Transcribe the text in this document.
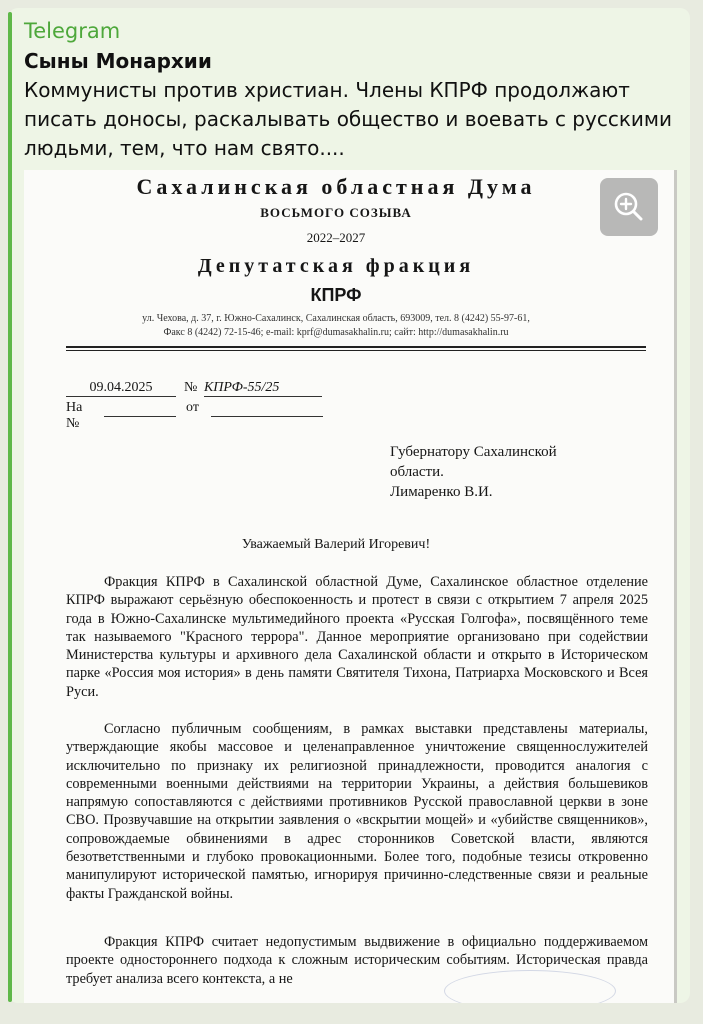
Telegram
Сыны Монархии
Коммунисты против христиан. Члены КПРФ продолжают писать доносы, раскалывать общество и воевать с русскими людьми, тем, что нам свято....
Сахалинская областная Дума
ВОСЬМОГО СОЗЫВА
2022–2027
Депутатская фракция
КПРФ
ул. Чехова, д. 37, г. Южно-Сахалинск, Сахалинская область, 693009, тел. 8 (4242) 55-97-61,
Факс 8 (4242) 72-15-46; e-mail: kprf@dumasakhalin.ru; сайт: http://dumasakhalin.ru
09.04.2025	№ КПРФ-55/25
На №
от
Губернатору Сахалинской
области.
Лимаренко В.И.
Уважаемый Валерий Игоревич!

Фракция КПРФ в Сахалинской областной Думе, Сахалинское областное отделение КПРФ выражают серьёзную обеспокоенность и протест в связи с открытием 7 апреля 2025 года в Южно-Сахалинске мультимедийного проекта «Русская Голгофа», посвящённого теме так называемого "Красного террора". Данное мероприятие организовано при содействии Министерства культуры и архивного дела Сахалинской области и открыто в Историческом парке «Россия моя история» в день памяти Святителя Тихона, Патриарха Московского и Всея Руси.

Согласно публичным сообщениям, в рамках выставки представлены материалы, утверждающие якобы массовое и целенаправленное уничтожение священнослужителей исключительно по признаку их религиозной принадлежности, проводится аналогия с современными военными действиями на территории Украины, а действия большевиков напрямую сопоставляются с действиями противников Русской православной церкви в зоне СВО. Прозвучавшие на открытии заявления о «вскрытии мощей» и «убийстве священников», сопровождаемые обвинениями в адрес сторонников Советской власти, являются безответственными и глубоко провокационными. Более того, подобные тезисы откровенно манипулируют исторической памятью, игнорируя причинно-следственные связи и реальные факты Гражданской войны.

Фракция КПРФ считает недопустимым выдвижение в официально поддерживаемом проекте одностороннего подхода к сложным историческим событиям. Историческая правда требует анализа всего контекста, а не
